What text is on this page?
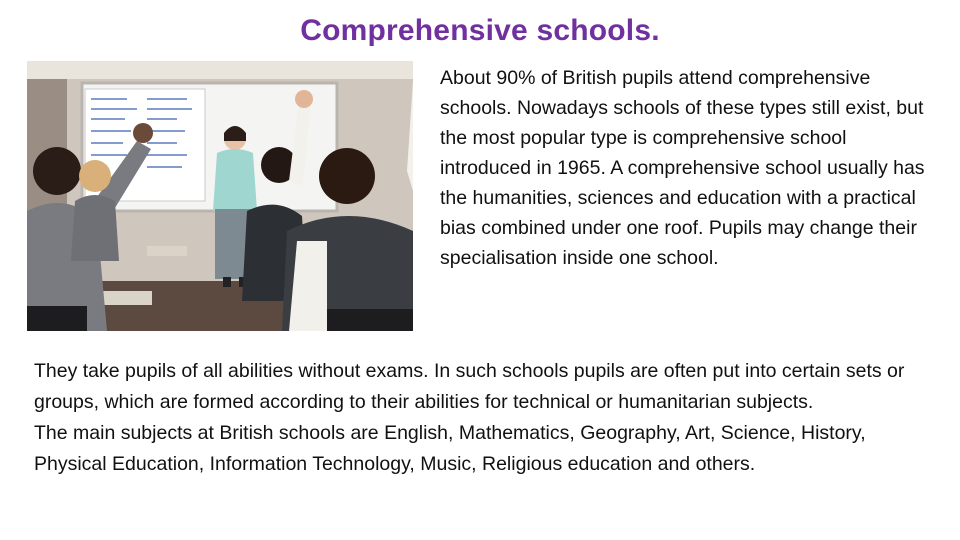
Comprehensive schools.

About 90% of British pupils attend comprehensive schools. Nowadays schools of these types still exist, but the most popular type is comprehensive school introduced in 1965. A comprehensive school usually has the humanities, sciences and education with a practical bias combined under one roof. Pupils may change their specialisation inside one school.

They take pupils of all abilities without exams. In such schools pupils are often put into certain sets or groups, which are formed according to their abilities for technical or humanitarian subjects.

The main subjects at British schools are English, Mathematics, Geography, Art, Science, History, Physical Education, Information Technology, Music, Religious education and others.
